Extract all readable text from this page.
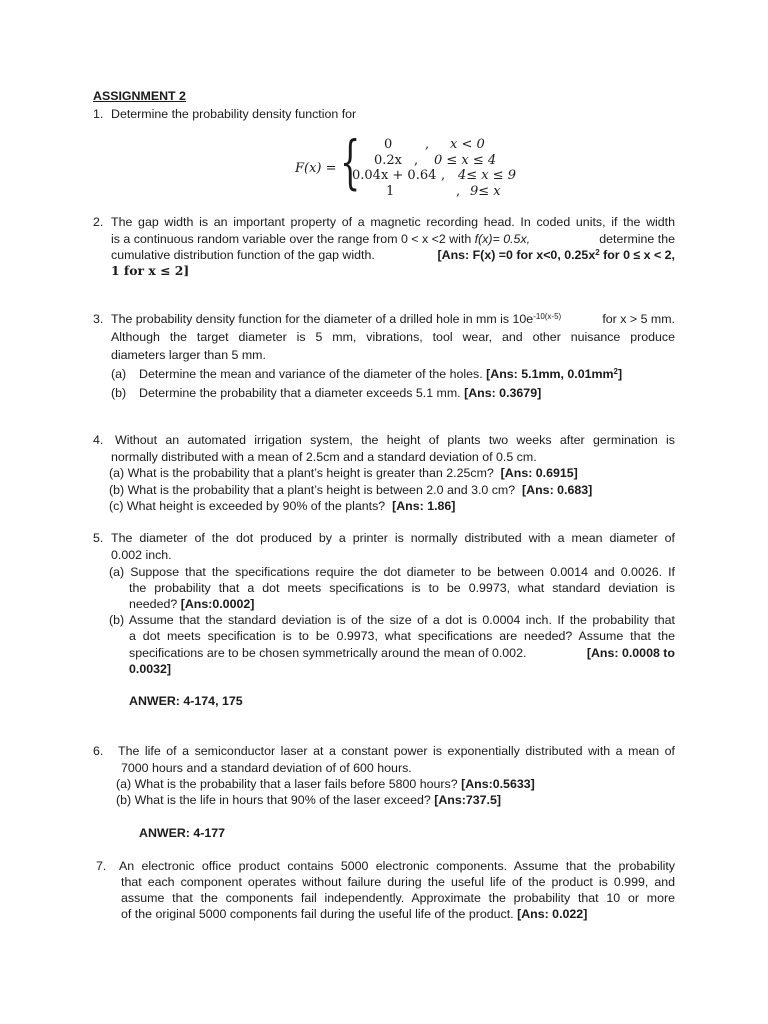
ASSIGNMENT 2
1. Determine the probability density function for
F(x) = { 0	, x < 0
0.2x , 0 ≤ x ≤ 4
0.04x + 0.64 , 4≤ x ≤ 9
1	, 9≤ x
2. The gap width is an important property of a magnetic recording head. In coded units, if the width
is a continuous random variable over the range from 0 < x <2 with f(x)= 0.5x,	determine the
cumulative distribution function of the gap width.	[Ans: F(x) =0 for x<0, $0.25x^2$ for 0 ≤ x < 2,
1 for x ≤ 2]
3. The probability density function for the diameter of a drilled hole in mm is $10e^{-10(x-5)}$	for x > 5 mm.
Although the target diameter is 5 mm, vibrations, tool wear, and other nuisance produce
diameters larger than 5 mm.
(a) Determine the mean and variance of the diameter of the holes. [Ans: 5.1mm, $0.01mm^2$]
(b) Determine the probability that a diameter exceeds 5.1 mm. [Ans: 0.3679]
4. Without an automated irrigation system, the height of plants two weeks after germination is
normally distributed with a mean of 2.5cm and a standard deviation of 0.5 cm.
(a) What is the probability that a plant’s height is greater than 2.25cm?  [Ans: 0.6915]
(b) What is the probability that a plant’s height is between 2.0 and 3.0 cm?  [Ans: 0.683]
(c) What height is exceeded by 90% of the plants?  [Ans: 1.86]
5. The diameter of the dot produced by a printer is normally distributed with a mean diameter of
0.002 inch.
(a) Suppose that the specifications require the dot diameter to be between 0.0014 and 0.0026. If
the probability that a dot meets specifications is to be 0.9973, what standard deviation is
needed? [Ans:0.0002]
(b) Assume that the standard deviation is of the size of a dot is 0.0004 inch. If the probability that
a dot meets specification is to be 0.9973, what specifications are needed? Assume that the
specifications are to be chosen symmetrically around the mean of 0.002.	[Ans: 0.0008 to
0.0032]
ANWER: 4-174, 175
6. The life of a semiconductor laser at a constant power is exponentially distributed with a mean of
7000 hours and a standard deviation of of 600 hours.
(a) What is the probability that a laser fails before 5800 hours? [Ans:0.5633]
(b) What is the life in hours that 90% of the laser exceed? [Ans:737.5]
ANWER: 4-177
7. An electronic office product contains 5000 electronic components. Assume that the probability
that each component operates without failure during the useful life of the product is 0.999, and
assume that the components fail independently. Approximate the probability that 10 or more
of the original 5000 components fail during the useful life of the product. [Ans: 0.022]
